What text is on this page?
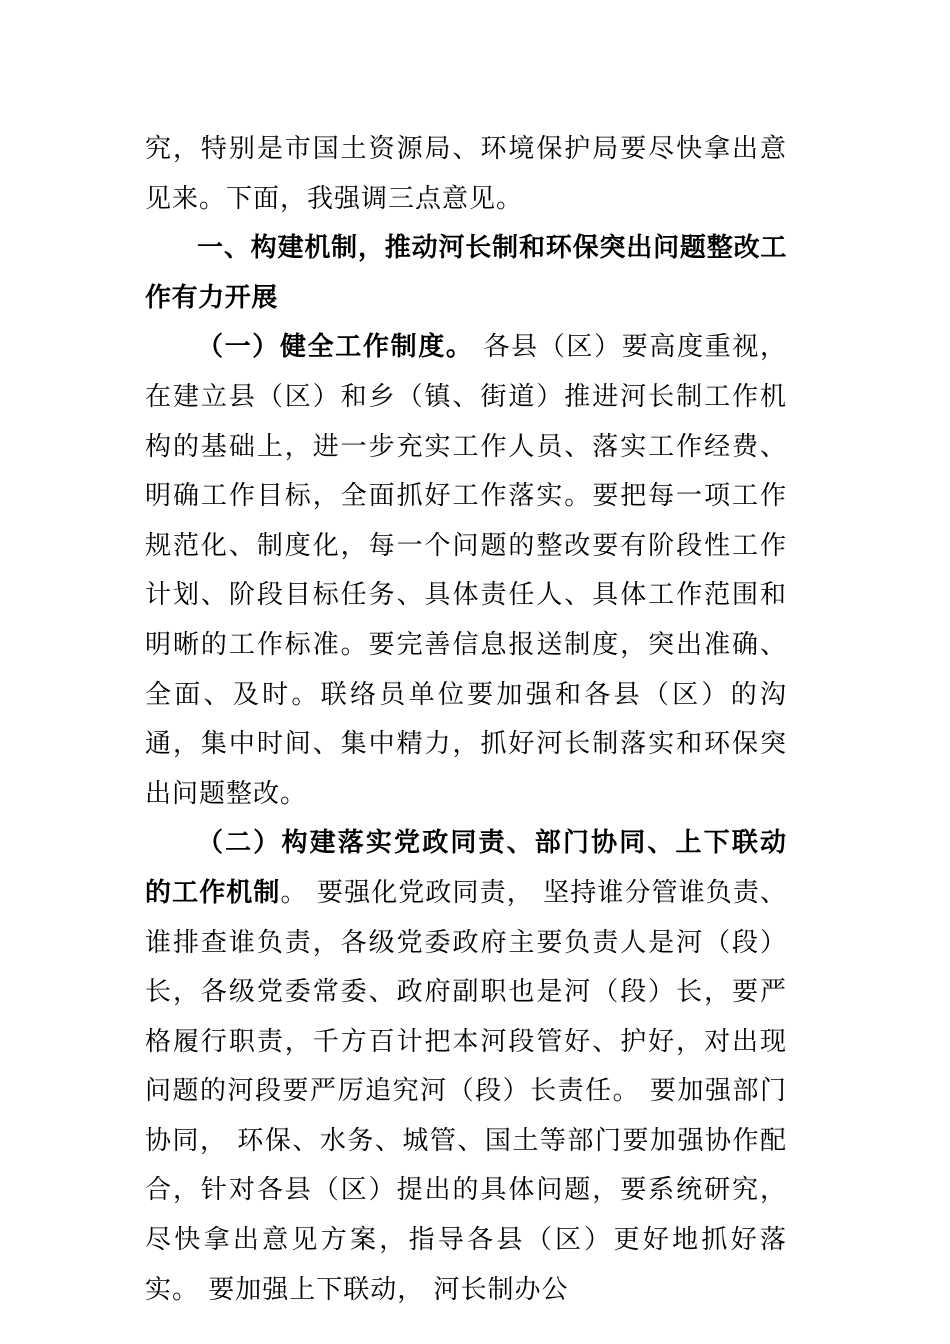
究，特别是市国土资源局、环境保护局要尽快拿出意见来。下面，我强调三点意见。

一、构建机制，推动河长制和环保突出问题整改工作有力开展

（一）健全工作制度。 各县（区）要高度重视，在建立县（区）和乡（镇、街道）推进河长制工作机构的基础上，进一步充实工作人员、落实工作经费、明确工作目标，全面抓好工作落实。要把每一项工作规范化、制度化，每一个问题的整改要有阶段性工作计划、阶段目标任务、具体责任人、具体工作范围和明晰的工作标准。要完善信息报送制度，突出准确、全面、及时。联络员单位要加强和各县（区）的沟通，集中时间、集中精力，抓好河长制落实和环保突出问题整改。

（二）构建落实党政同责、部门协同、上下联动的工作机制。 要强化党政同责， 坚持谁分管谁负责、谁排查谁负责，各级党委政府主要负责人是河（段）长，各级党委常委、政府副职也是河（段）长，要严格履行职责，千方百计把本河段管好、护好，对出现问题的河段要严厉追究河（段）长责任。 要加强部门协同， 环保、水务、城管、国土等部门要加强协作配合，针对各县（区）提出的具体问题，要系统研究，尽快拿出意见方案，指导各县（区）更好地抓好落实。 要加强上下联动， 河长制办公
